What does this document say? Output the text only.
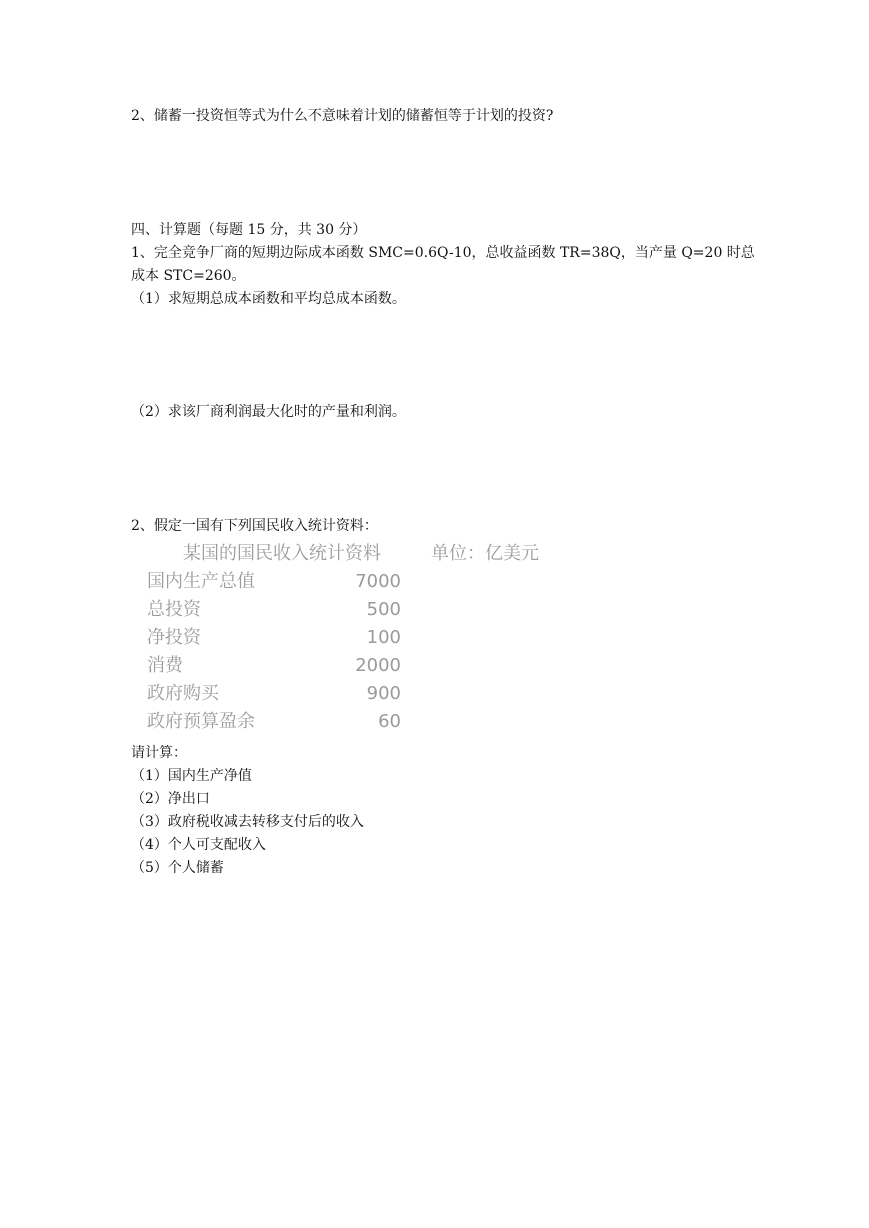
2、储蓄一投资恒等式为什么不意味着计划的储蓄恒等于计划的投资?

四、计算题（每题 15 分，共 30 分）

1、完全竞争厂商的短期边际成本函数 SMC=0.6Q-10，总收益函数 TR=38Q，当产量 Q=20 时总

成本 STC=260。

（1）求短期总成本函数和平均总成本函数。

（2）求该厂商利润最大化时的产量和利润。

2、假定一国有下列国民收入统计资料：

某国的国民收入统计资料	单位：亿美元
国内生产总值	7000
总投资	500
净投资	100
消费	2000
政府购买	900
政府预算盈余	60

请计算：

（1）国内生产净值

（2）净出口

（3）政府税收减去转移支付后的收入

（4）个人可支配收入

（5）个人储蓄
